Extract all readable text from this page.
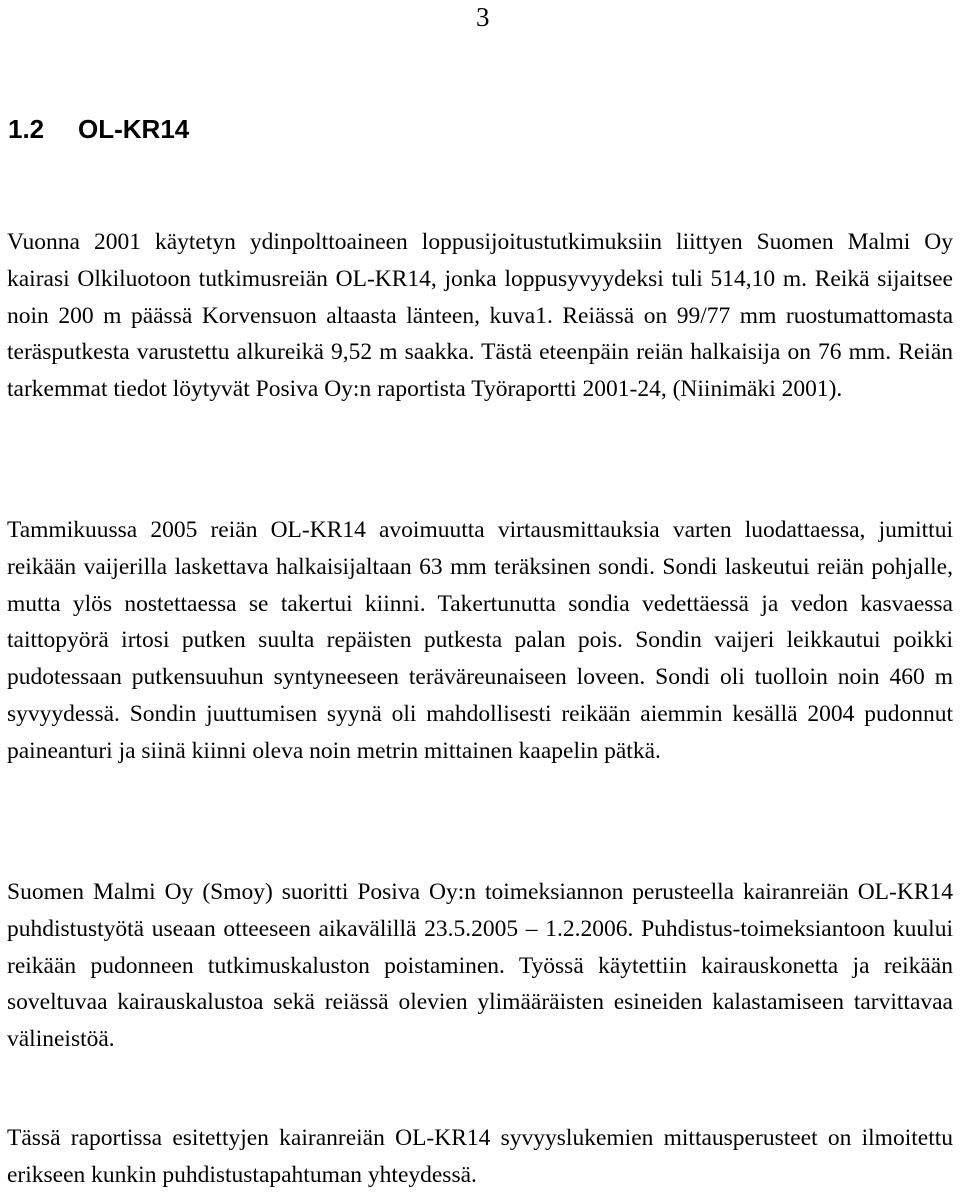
3
1.2 OL-KR14

Vuonna 2001 käytetyn ydinpolttoaineen loppusijoitustutkimuksiin liittyen Suomen Malmi Oy kairasi Olkiluotoon tutkimusreiän OL-KR14, jonka loppusyvyydeksi tuli 514,10 m. Reikä sijaitsee noin 200 m päässä Korvensuon altaasta länteen, kuva1. Reiässä on 99/77 mm ruostumattomasta teräsputkesta varustettu alkureikä 9,52 m saakka. Tästä eteenpäin reiän halkaisija on 76 mm. Reiän tarkemmat tiedot löytyvät Posiva Oy:n raportista Työraportti 2001-24, (Niinimäki 2001).

Tammikuussa 2005 reiän OL-KR14 avoimuutta virtausmittauksia varten luodattaessa, jumittui reikään vaijerilla laskettava halkaisijaltaan 63 mm teräksinen sondi. Sondi laskeutui reiän pohjalle, mutta ylös nostettaessa se takertui kiinni. Takertunutta sondia vedettäessä ja vedon kasvaessa taittopyörä irtosi putken suulta repäisten putkesta palan pois. Sondin vaijeri leikkautui poikki pudotessaan putkensuuhun syntyneeseen teräväreunaiseen loveen. Sondi oli tuolloin noin 460 m syvyydessä. Sondin juuttumisen syynä oli mahdollisesti reikään aiemmin kesällä 2004 pudonnut paineanturi ja siinä kiinni oleva noin metrin mittainen kaapelin pätkä.

Suomen Malmi Oy (Smoy) suoritti Posiva Oy:n toimeksiannon perusteella kairanreiän OL-KR14 puhdistustyötä useaan otteeseen aikavälillä 23.5.2005 – 1.2.2006. Puhdistus-toimeksiantoon kuului reikään pudonneen tutkimuskaluston poistaminen. Työssä käytettiin kairauskonetta ja reikään soveltuvaa kairauskalustoa sekä reiässä olevien ylimääräisten esineiden kalastamiseen tarvittavaa välineistöä.

Tässä raportissa esitettyjen kairanreiän OL-KR14 syvyyslukemien mittausperusteet on ilmoitettu erikseen kunkin puhdistustapahtuman yhteydessä.
